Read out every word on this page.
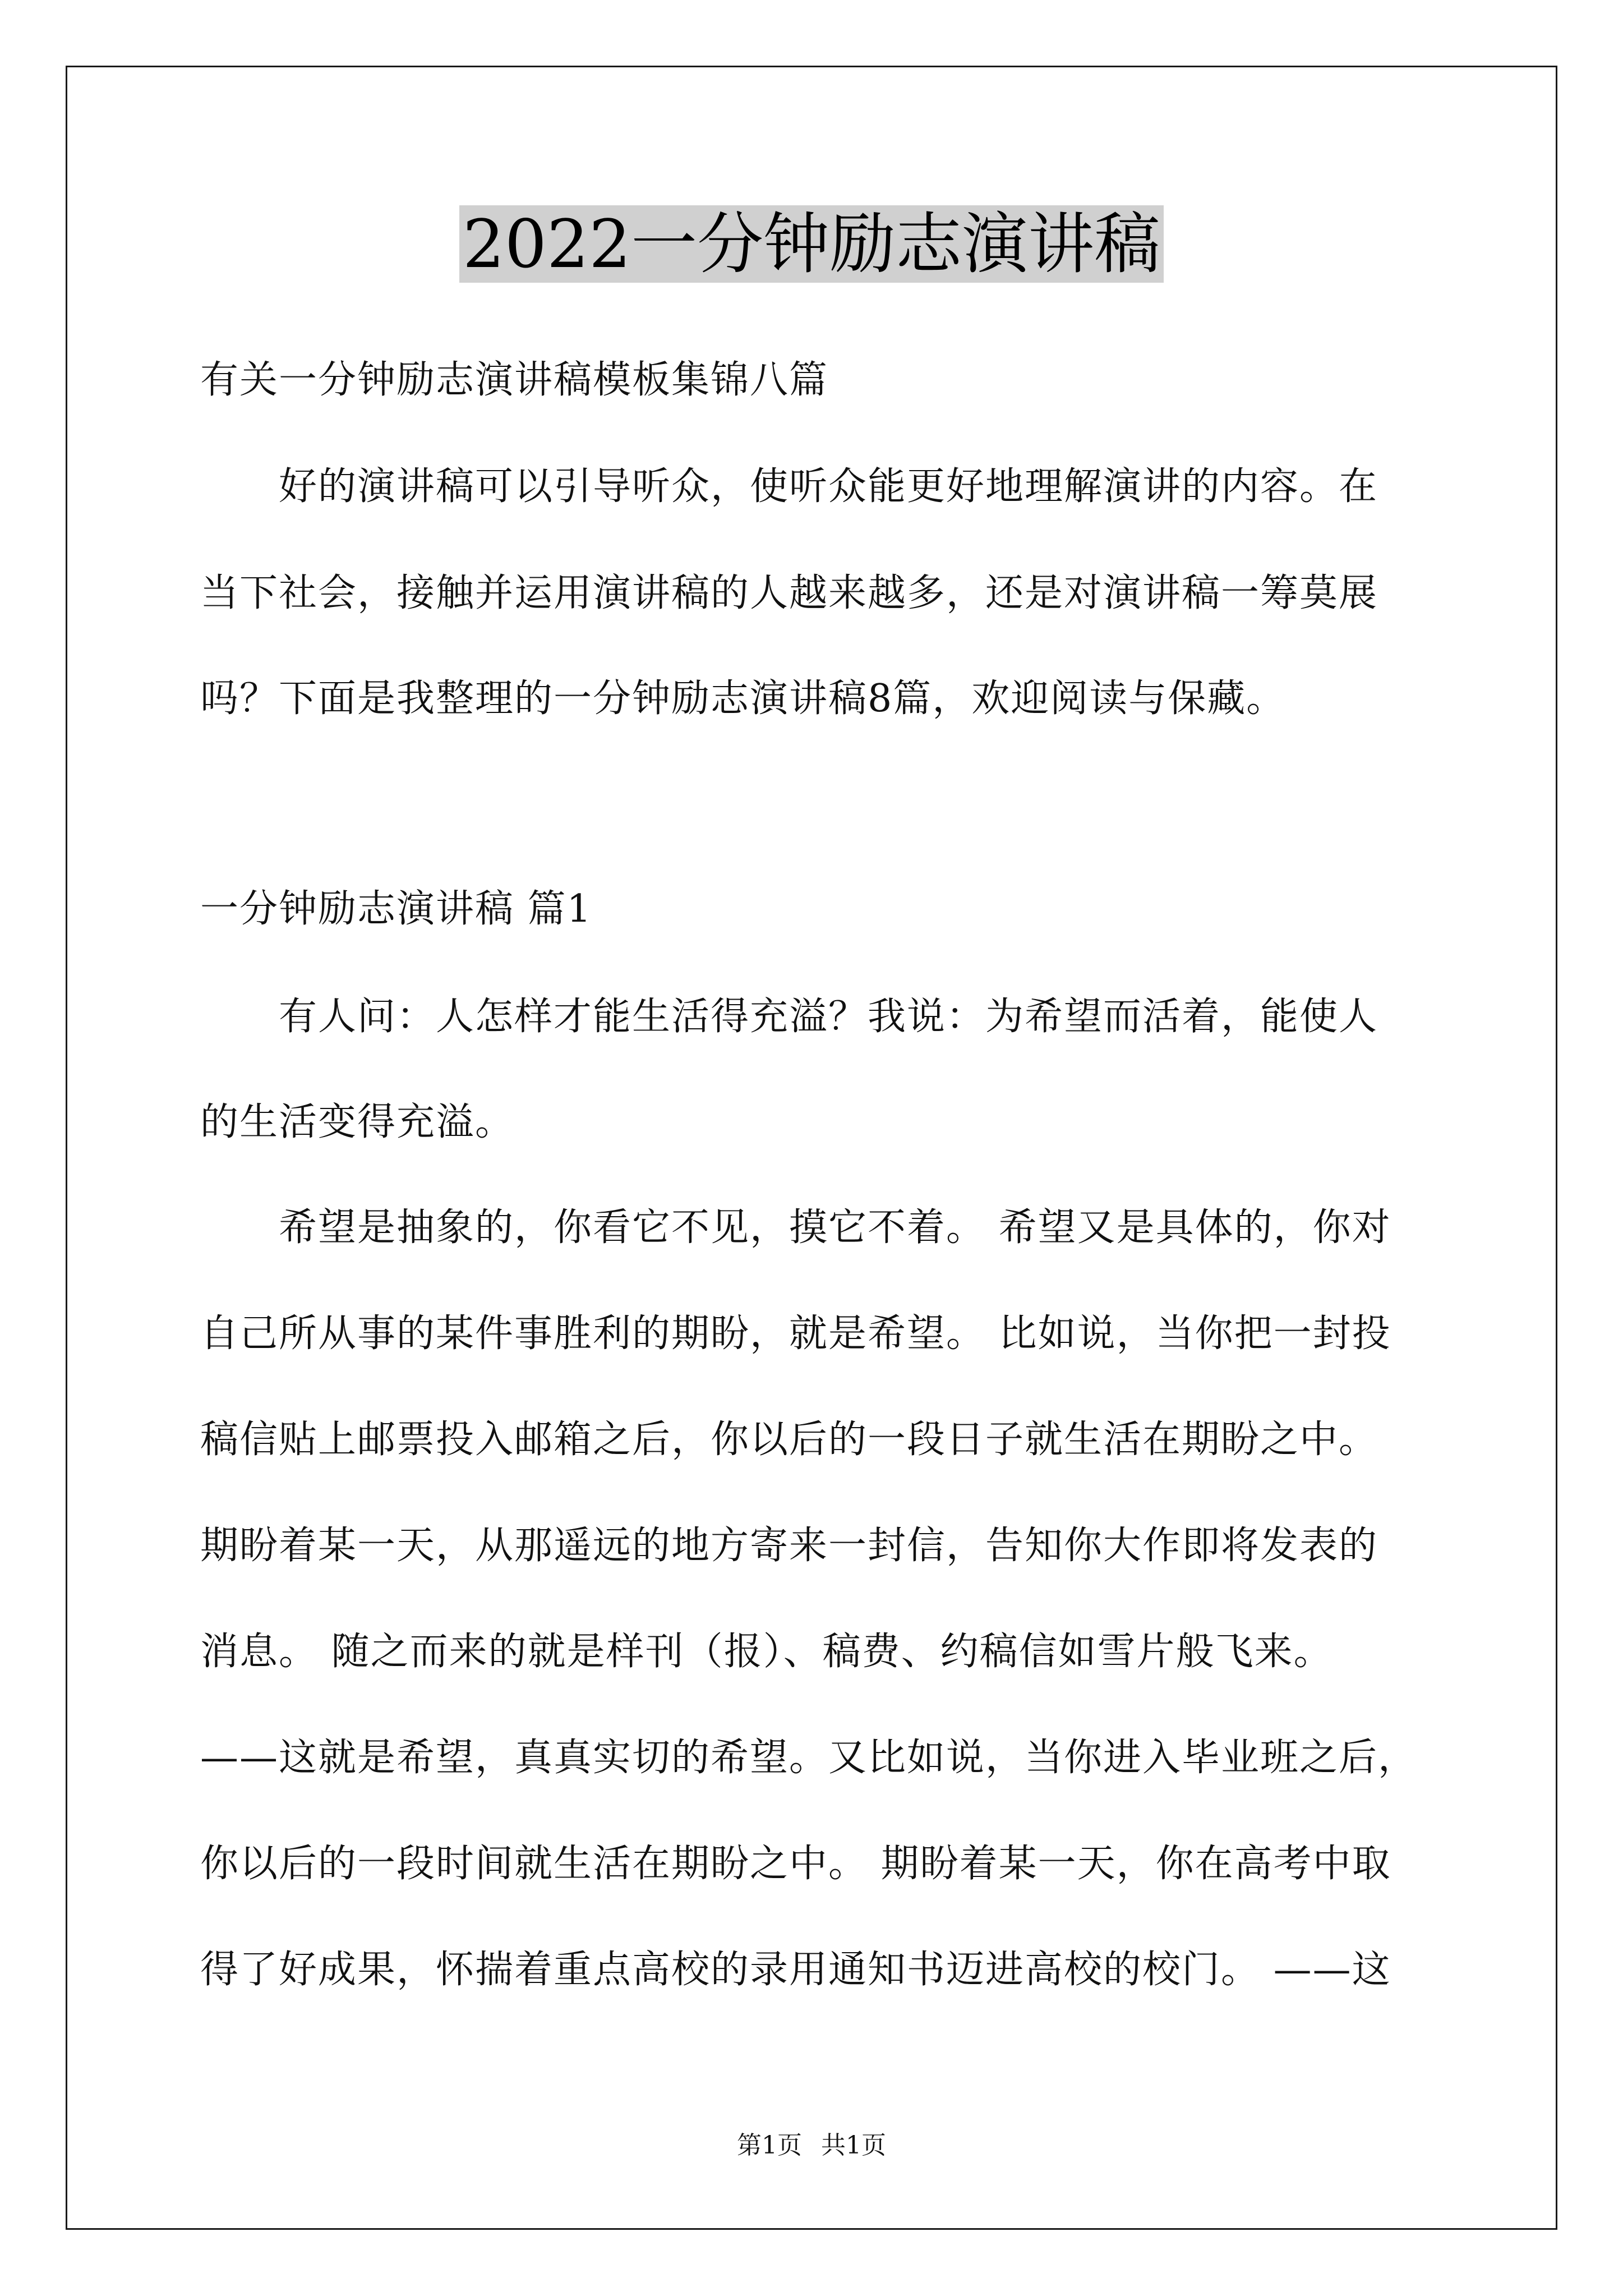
2022一分钟励志演讲稿
有关一分钟励志演讲稿模板集锦八篇
好的演讲稿可以引导听众，使听众能更好地理解演讲的内容。在
当下社会，接触并运用演讲稿的人越来越多，还是对演讲稿一筹莫展
吗？下面是我整理的一分钟励志演讲稿8篇，欢迎阅读与保藏。
一分钟励志演讲稿 篇1
有人问：人怎样才能生活得充溢？我说：为希望而活着，能使人
的生活变得充溢。
希望是抽象的，你看它不见，摸它不着。 希望又是具体的，你对
自己所从事的某件事胜利的期盼，就是希望。 比如说，当你把一封投
稿信贴上邮票投入邮箱之后，你以后的一段日子就生活在期盼之中。
期盼着某一天，从那遥远的地方寄来一封信，告知你大作即将发表的
消息。 随之而来的就是样刊（报）、稿费、约稿信如雪片般飞来。
——这就是希望，真真实切的希望。又比如说，当你进入毕业班之后，
你以后的一段时间就生活在期盼之中。 期盼着某一天，你在高考中取
得了好成果，怀揣着重点高校的录用通知书迈进高校的校门。 ——这
第1页 共1页
